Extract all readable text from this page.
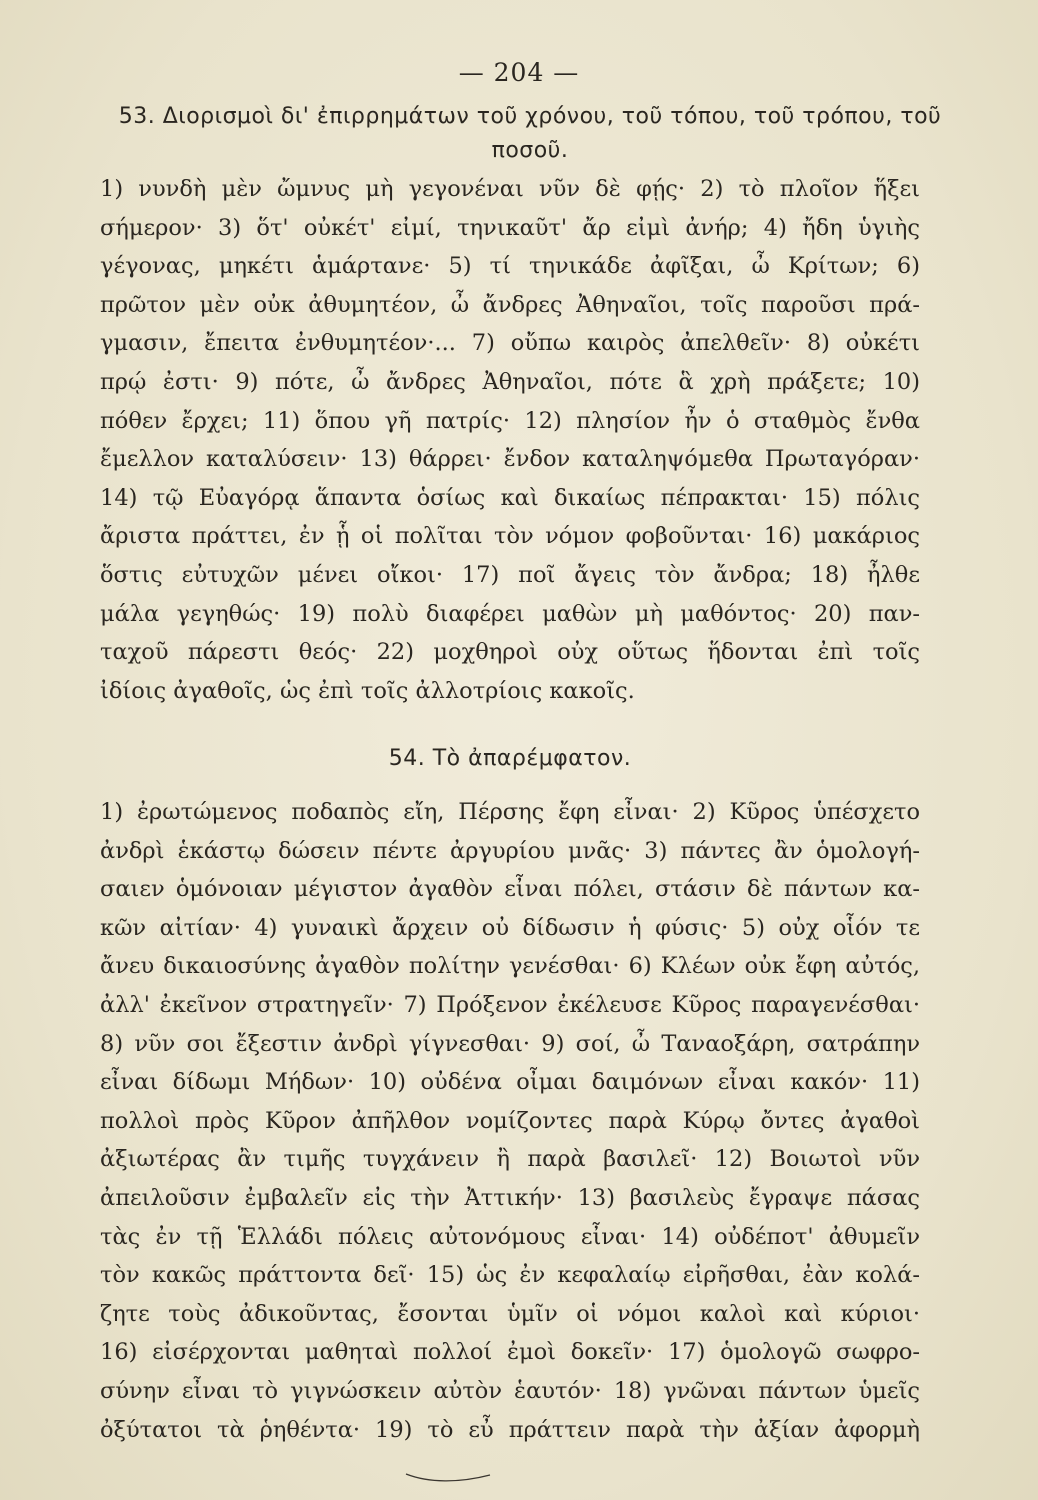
— 204 —
53. Διορισμοὶ δι' ἐπιρρημάτων τοῦ χρόνου, τοῦ τόπου, τοῦ τρόπου, τοῦ ποσοῦ.
1) νυνδὴ μὲν ὤμνυς μὴ γεγονέναι νῦν δὲ φῄς· 2) τὸ πλοῖον ἥξει
σήμερον· 3) ὅτ' οὐκέτ' εἰμί, τηνικαῦτ' ἄρ εἰμὶ ἀνήρ; 4) ἤδη ὑγιὴς
γέγονας, μηκέτι ἁμάρτανε· 5) τί τηνικάδε ἀφῖξαι, ὦ Κρίτων; 6)
πρῶτον μὲν οὐκ ἀθυμητέον, ὦ ἄνδρες Ἀθηναῖοι, τοῖς παροῦσι πρά-
γμασιν, ἔπειτα ἐνθυμητέον·... 7) οὔπω καιρὸς ἀπελθεῖν· 8) οὐκέτι
πρῴ ἐστι· 9) πότε, ὦ ἄνδρες Ἀθηναῖοι, πότε ἃ χρὴ πράξετε; 10)
πόθεν ἔρχει; 11) ὅπου γῆ πατρίς· 12) πλησίον ἦν ὁ σταθμὸς ἔνθα
ἔμελλον καταλύσειν· 13) θάρρει· ἔνδον καταληψόμεθα Πρωταγόραν·
14) τῷ Εὐαγόρᾳ ἅπαντα ὁσίως καὶ δικαίως πέπρακται· 15) πόλις
ἄριστα πράττει, ἐν ᾗ οἱ πολῖται τὸν νόμον φοβοῦνται· 16) μακάριος
ὅστις εὐτυχῶν μένει οἴκοι· 17) ποῖ ἄγεις τὸν ἄνδρα; 18) ἦλθε
μάλα γεγηθώς· 19) πολὺ διαφέρει μαθὼν μὴ μαθόντος· 20) παν-
ταχοῦ πάρεστι θεός· 22) μοχθηροὶ οὐχ οὕτως ἥδονται ἐπὶ τοῖς
ἰδίοις ἀγαθοῖς, ὡς ἐπὶ τοῖς ἀλλοτρίοις κακοῖς.
54. Τὸ ἀπαρέμφατον.
1) ἐρωτώμενος ποδαπὸς εἴη, Πέρσης ἔφη εἶναι· 2) Κῦρος ὑπέσχετο
ἀνδρὶ ἑκάστῳ δώσειν πέντε ἀργυρίου μνᾶς· 3) πάντες ἂν ὁμολογή-
σαιεν ὁμόνοιαν μέγιστον ἀγαθὸν εἶναι πόλει, στάσιν δὲ πάντων κα-
κῶν αἰτίαν· 4) γυναικὶ ἄρχειν οὐ δίδωσιν ἡ φύσις· 5) οὐχ οἷόν τε
ἄνευ δικαιοσύνης ἀγαθὸν πολίτην γενέσθαι· 6) Κλέων οὐκ ἔφη αὐτός,
ἀλλ' ἐκεῖνον στρατηγεῖν· 7) Πρόξενον ἐκέλευσε Κῦρος παραγενέσθαι·
8) νῦν σοι ἔξεστιν ἀνδρὶ γίγνεσθαι· 9) σοί, ὦ Ταναοξάρη, σατράπην
εἶναι δίδωμι Μήδων· 10) οὐδένα οἶμαι δαιμόνων εἶναι κακόν· 11)
πολλοὶ πρὸς Κῦρον ἀπῆλθον νομίζοντες παρὰ Κύρῳ ὄντες ἀγαθοὶ
ἀξιωτέρας ἂν τιμῆς τυγχάνειν ἢ παρὰ βασιλεῖ· 12) Βοιωτοὶ νῦν
ἀπειλοῦσιν ἐμβαλεῖν εἰς τὴν Ἀττικήν· 13) βασιλεὺς ἔγραψε πάσας
τὰς ἐν τῇ Ἑλλάδι πόλεις αὐτονόμους εἶναι· 14) οὐδέποτ' ἀθυμεῖν
τὸν κακῶς πράττοντα δεῖ· 15) ὡς ἐν κεφαλαίῳ εἰρῆσθαι, ἐὰν κολά-
ζητε τοὺς ἀδικοῦντας, ἔσονται ὑμῖν οἱ νόμοι καλοὶ καὶ κύριοι·
16) εἰσέρχονται μαθηταὶ πολλοί ἐμοὶ δοκεῖν· 17) ὁμολογῶ σωφρο-
σύνην εἶναι τὸ γιγνώσκειν αὐτὸν ἑαυτόν· 18) γνῶναι πάντων ὑμεῖς
ὀξύτατοι τὰ ῥηθέντα· 19) τὸ εὖ πράττειν παρὰ τὴν ἀξίαν ἀφορμὴ
